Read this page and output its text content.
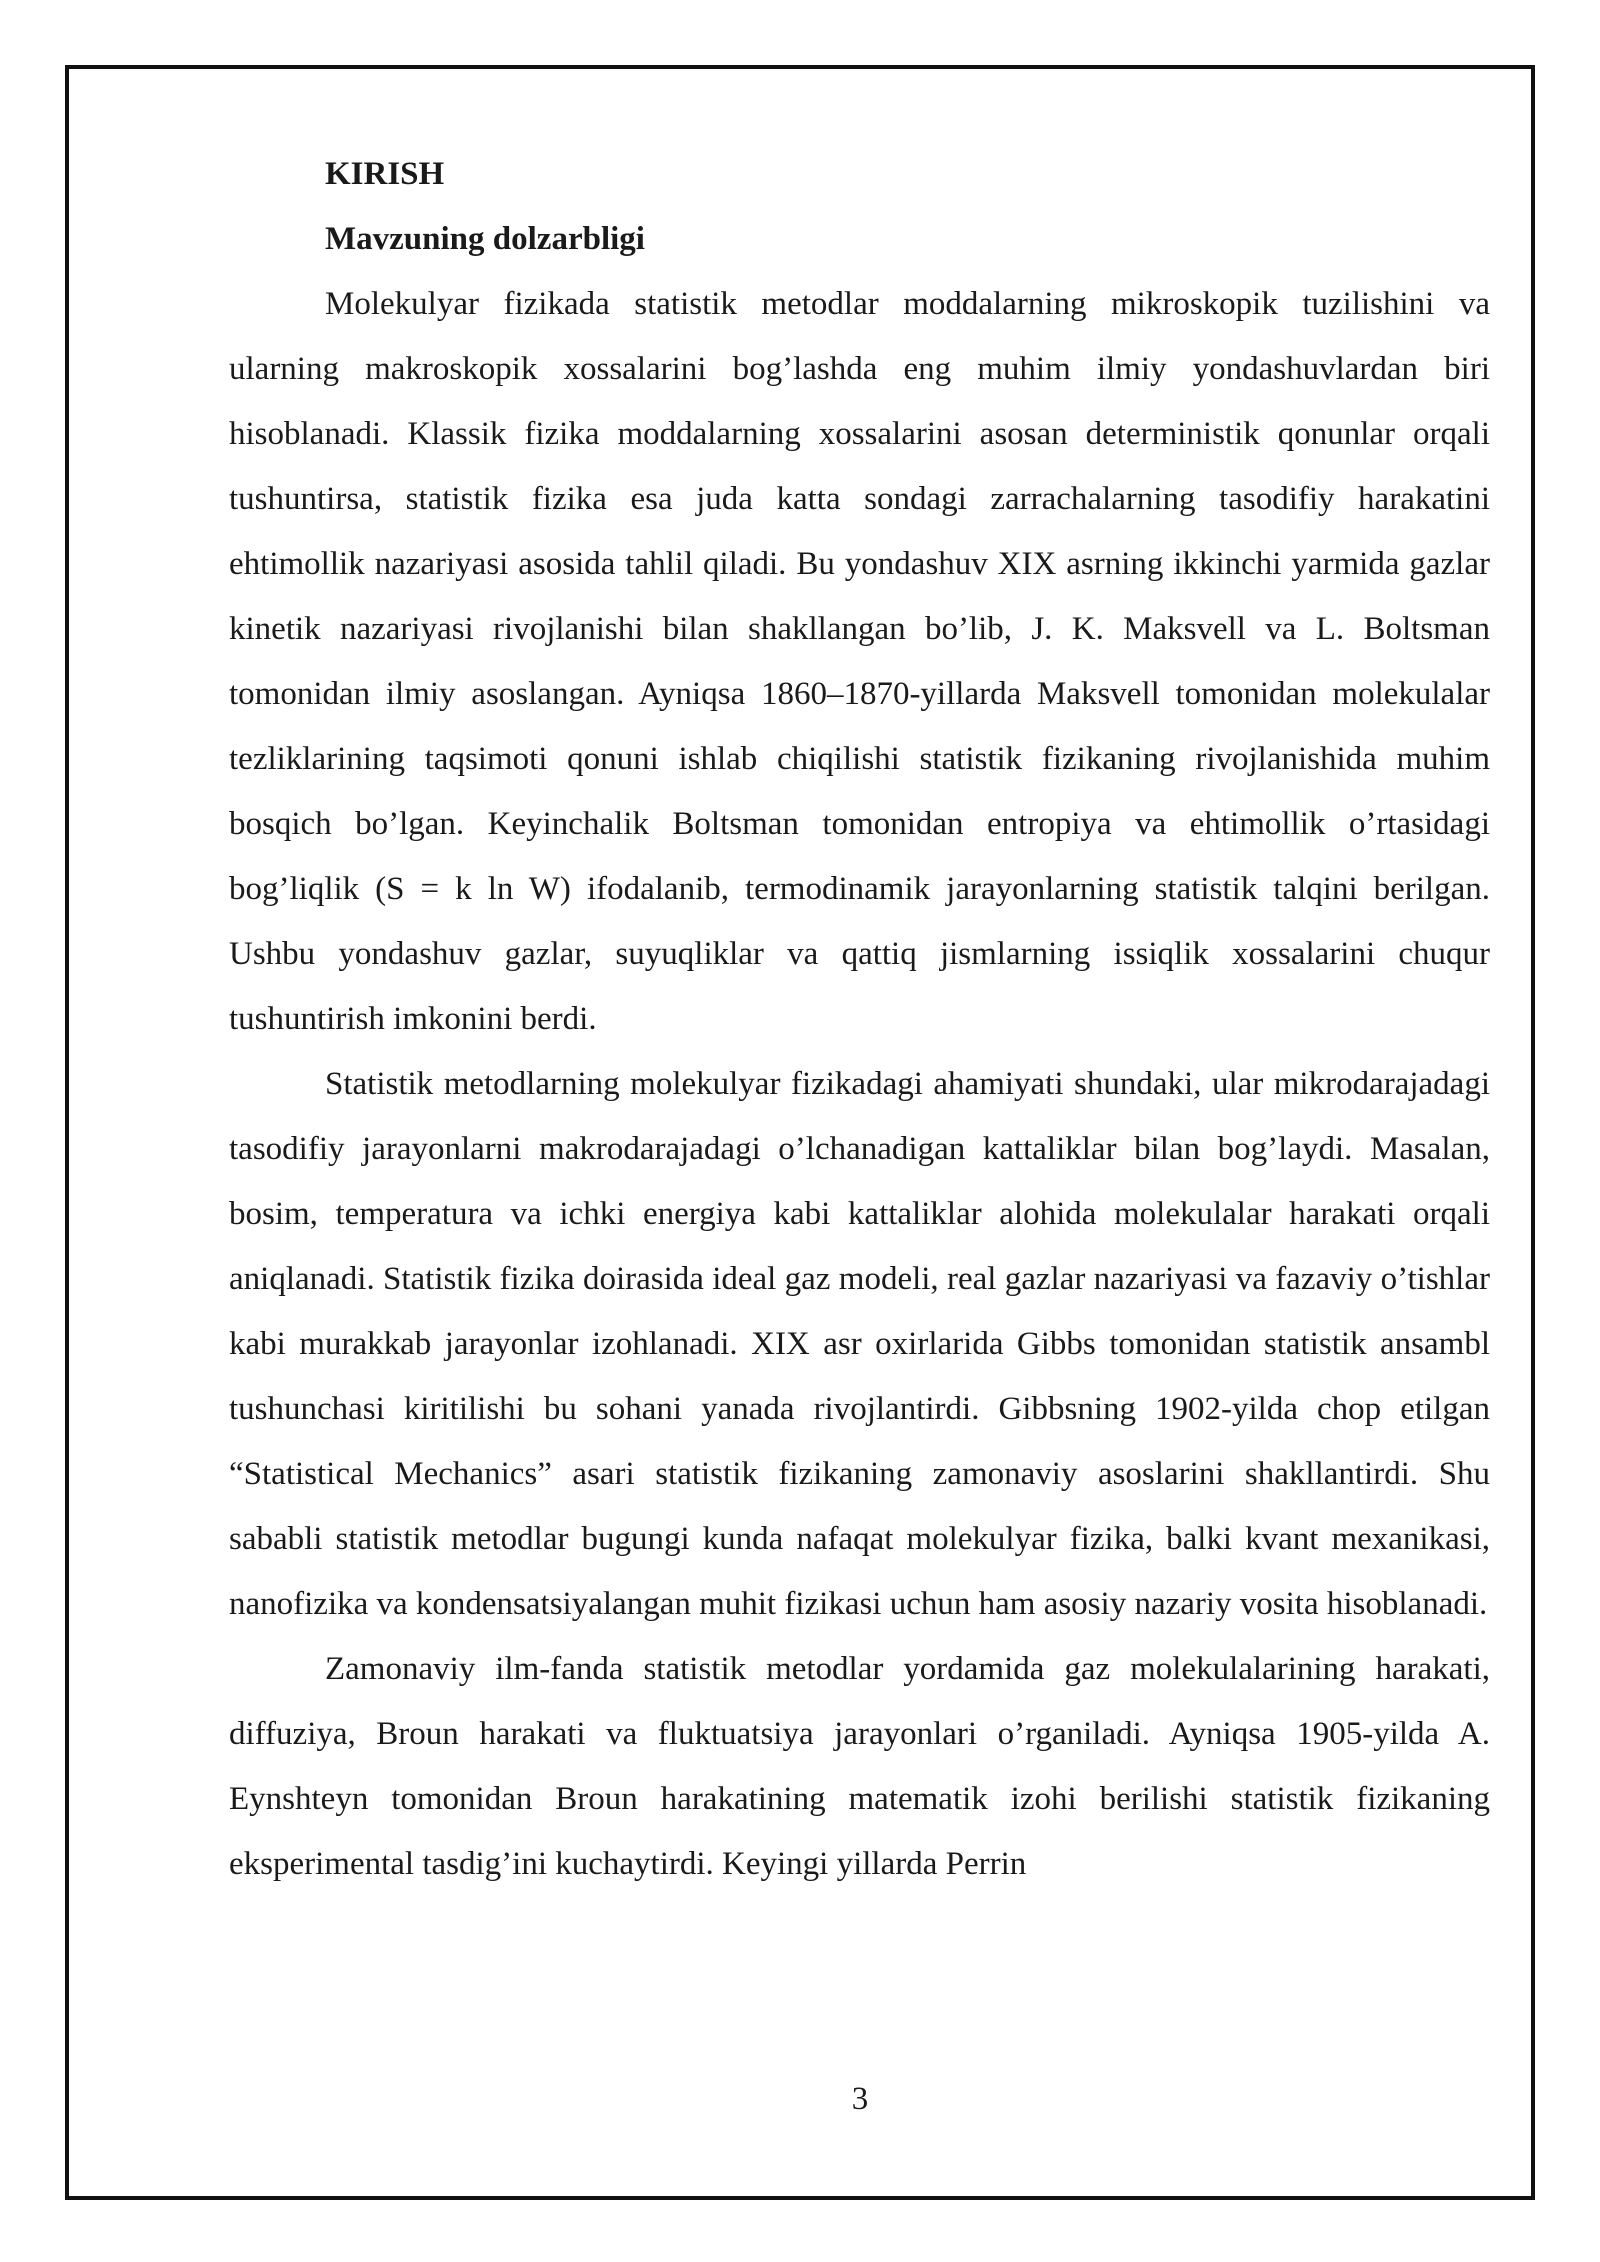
KIRISH

Mavzuning dolzarbligi

Molekulyar fizikada statistik metodlar moddalarning mikroskopik tuzilishini va ularning makroskopik xossalarini bog’lashda eng muhim ilmiy yondashuvlardan biri hisoblanadi. Klassik fizika moddalarning xossalarini asosan deterministik qonunlar orqali tushuntirsa, statistik fizika esa juda katta sondagi zarrachalarning tasodifiy harakatini ehtimollik nazariyasi asosida tahlil qiladi. Bu yondashuv XIX asrning ikkinchi yarmida gazlar kinetik nazariyasi rivojlanishi bilan shakllangan bo’lib, J. K. Maksvell va L. Boltsman tomonidan ilmiy asoslangan. Ayniqsa 1860–1870-yillarda Maksvell tomonidan molekulalar tezliklarining taqsimoti qonuni ishlab chiqilishi statistik fizikaning rivojlanishida muhim bosqich bo’lgan. Keyinchalik Boltsman tomonidan entropiya va ehtimollik o’rtasidagi bog’liqlik (S = k ln W) ifodalanib, termodinamik jarayonlarning statistik talqini berilgan. Ushbu yondashuv gazlar, suyuqliklar va qattiq jismlarning issiqlik xossalarini chuqur tushuntirish imkonini berdi.

Statistik metodlarning molekulyar fizikadagi ahamiyati shundaki, ular mikrodarajadagi tasodifiy jarayonlarni makrodarajadagi o’lchanadigan kattaliklar bilan bog’laydi. Masalan, bosim, temperatura va ichki energiya kabi kattaliklar alohida molekulalar harakati orqali aniqlanadi. Statistik fizika doirasida ideal gaz modeli, real gazlar nazariyasi va fazaviy o’tishlar kabi murakkab jarayonlar izohlanadi. XIX asr oxirlarida Gibbs tomonidan statistik ansambl tushunchasi kiritilishi bu sohani yanada rivojlantirdi. Gibbsning 1902-yilda chop etilgan “Statistical Mechanics” asari statistik fizikaning zamonaviy asoslarini shakllantirdi. Shu sababli statistik metodlar bugungi kunda nafaqat molekulyar fizika, balki kvant mexanikasi, nanofizika va kondensatsiyalangan muhit fizikasi uchun ham asosiy nazariy vosita hisoblanadi.

Zamonaviy ilm-fanda statistik metodlar yordamida gaz molekulalarining harakati, diffuziya, Broun harakati va fluktuatsiya jarayonlari o’rganiladi. Ayniqsa 1905-yilda A. Eynshteyn tomonidan Broun harakatining matematik izohi berilishi statistik fizikaning eksperimental tasdig’ini kuchaytirdi. Keyingi yillarda Perrin

3
